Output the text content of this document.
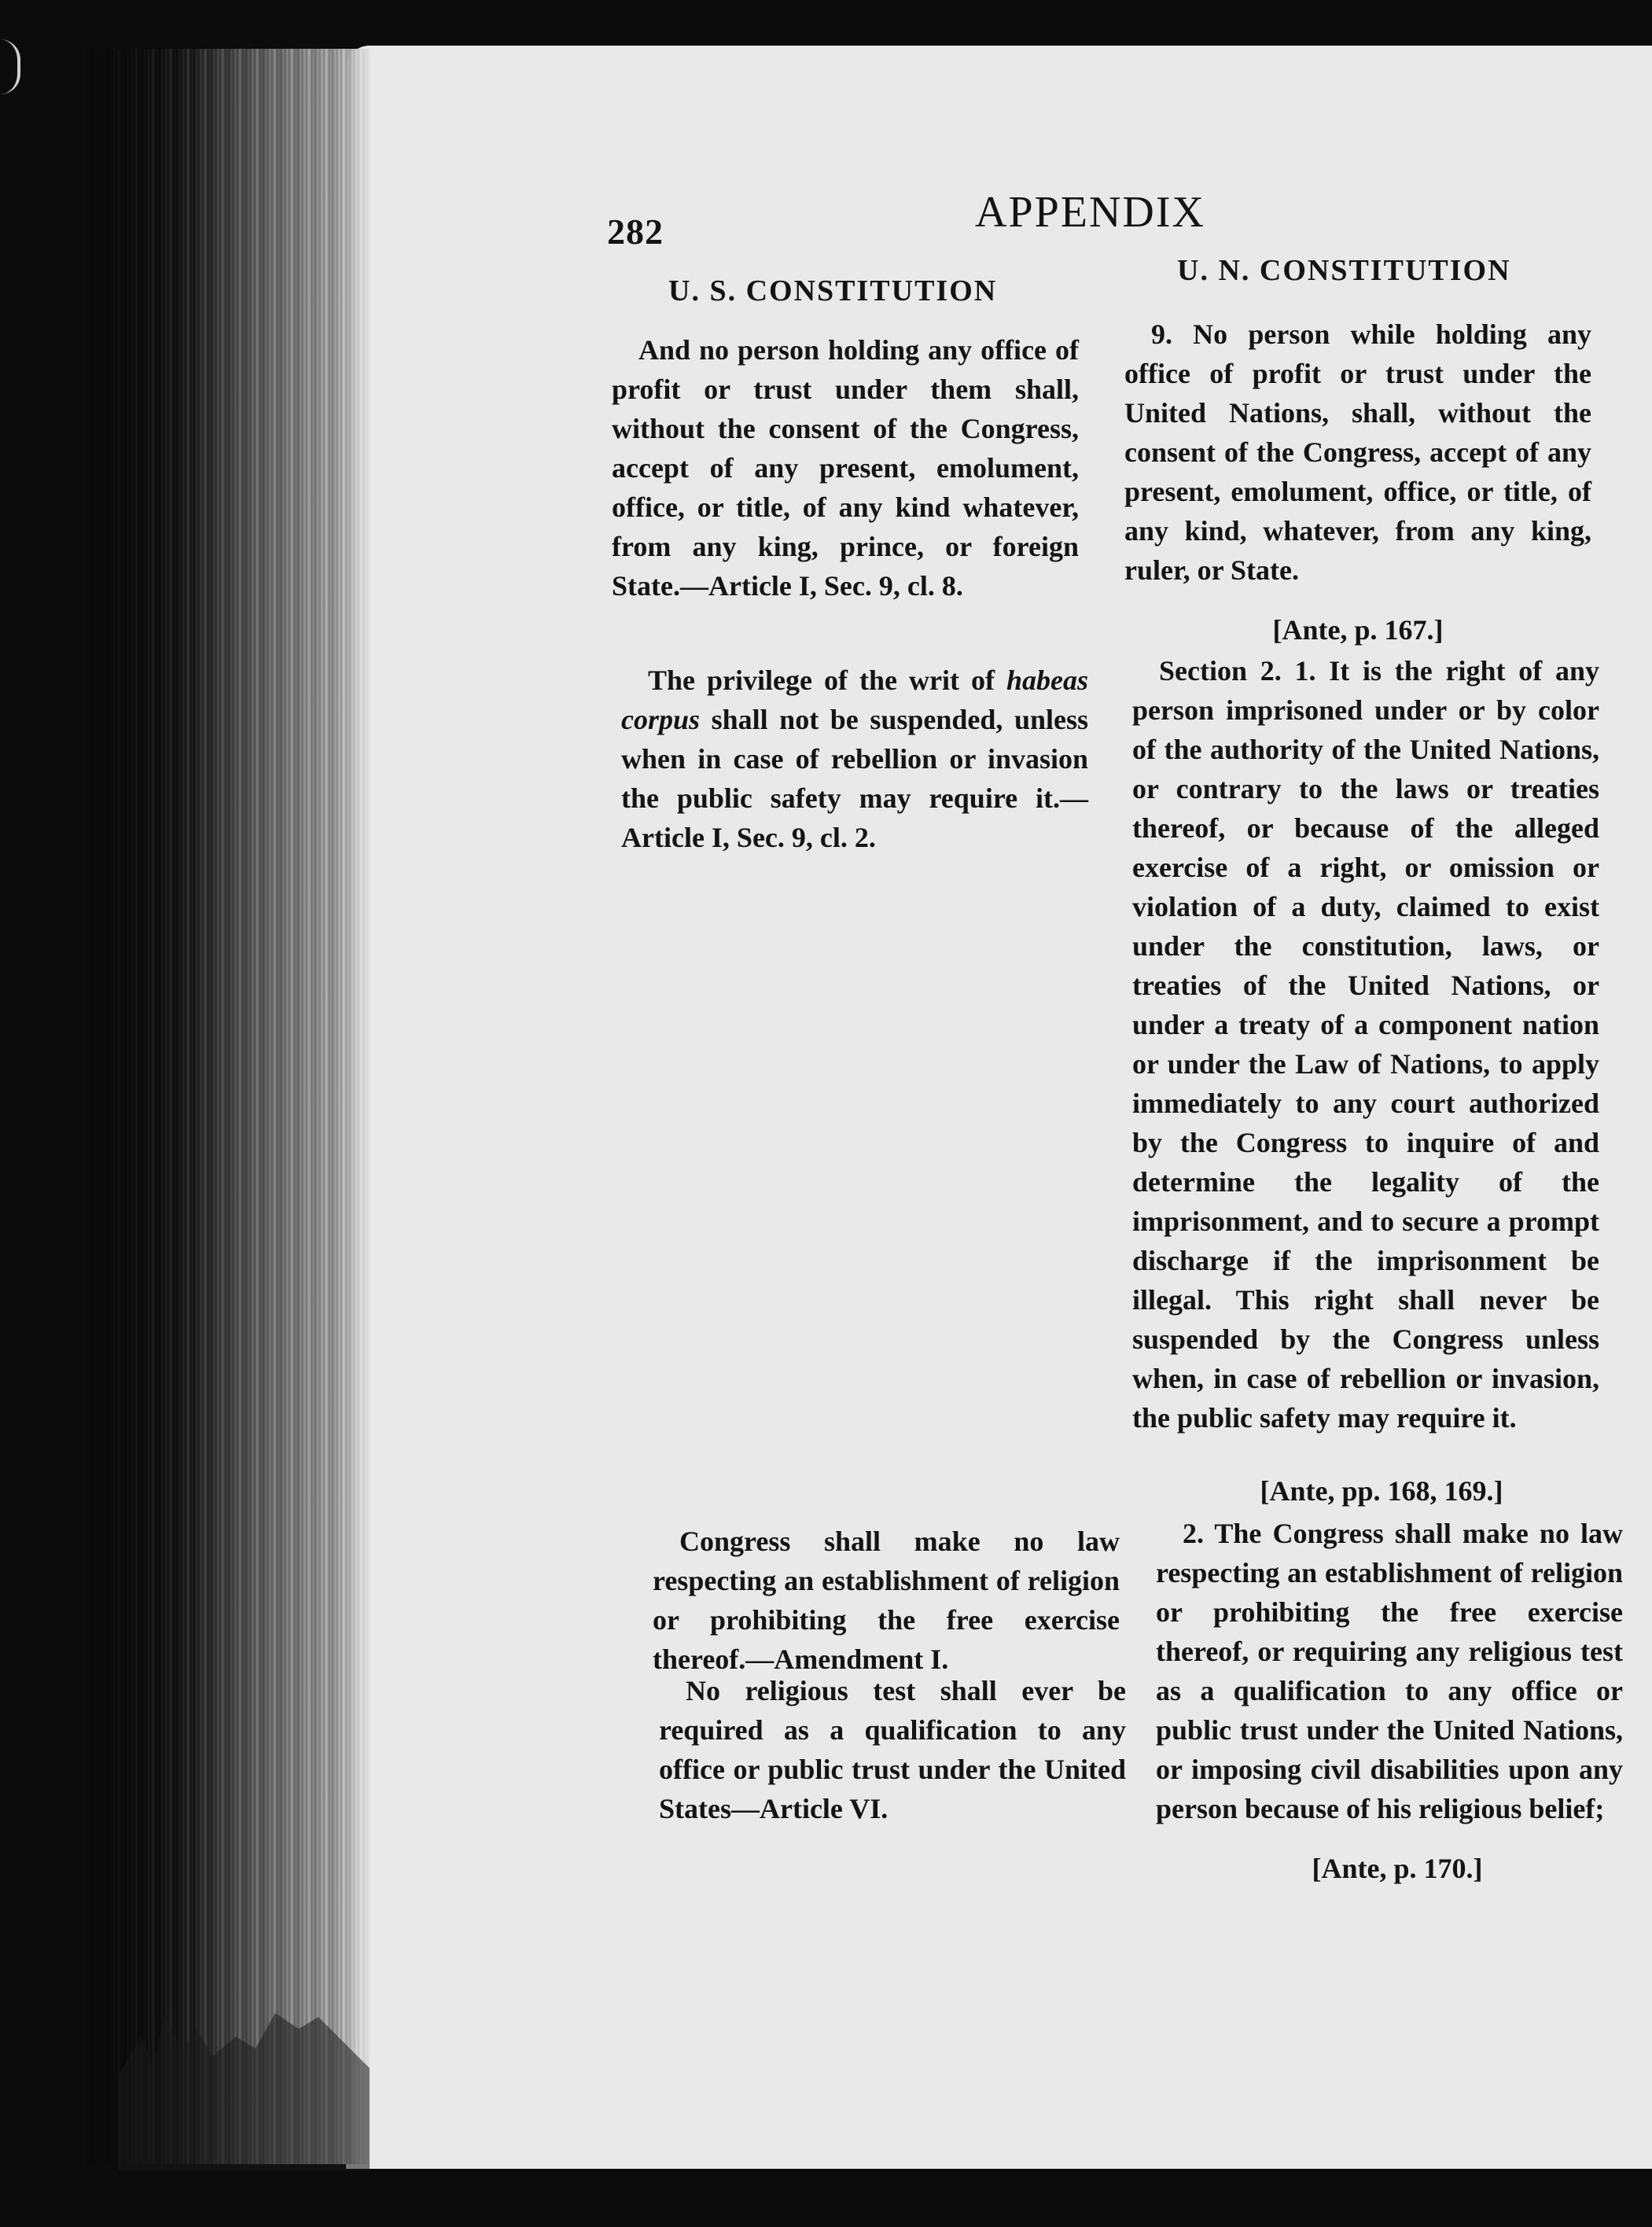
282	APPENDIX
U. S. CONSTITUTION
U. N. CONSTITUTION

And no person holding any office of profit or trust under them shall, without the consent of the Congress, accept of any present, emolument, office, or title, of any kind whatever, from any king, prince, or foreign State.—Article I, Sec. 9, cl. 8.

The privilege of the writ of habeas corpus shall not be suspended, unless when in case of rebellion or invasion the public safety may require it.—Article I, Sec. 9, cl. 2.

Congress shall make no law respecting an establishment of religion or prohibiting the free exercise thereof.—Amendment I.

No religious test shall ever be required as a qualification to any office or public trust under the United States—Article VI.

9. No person while holding any office of profit or trust under the United Nations, shall, without the consent of the Congress, accept of any present, emolument, office, or title, of any kind, whatever, from any king, ruler, or State.

[Ante, p. 167.]

Section 2. 1. It is the right of any person imprisoned under or by color of the authority of the United Nations, or contrary to the laws or treaties thereof, or because of the alleged exercise of a right, or omission or violation of a duty, claimed to exist under the constitution, laws, or treaties of the United Nations, or under a treaty of a component nation or under the Law of Nations, to apply immediately to any court authorized by the Congress to inquire of and determine the legality of the imprisonment, and to secure a prompt discharge if the imprisonment be illegal. This right shall never be suspended by the Congress unless when, in case of rebellion or invasion, the public safety may require it.

[Ante, pp. 168, 169.]

2. The Congress shall make no law respecting an establishment of religion or prohibiting the free exercise thereof, or requiring any religious test as a qualification to any office or public trust under the United Nations, or imposing civil disabilities upon any person because of his religious belief;

[Ante, p. 170.]
